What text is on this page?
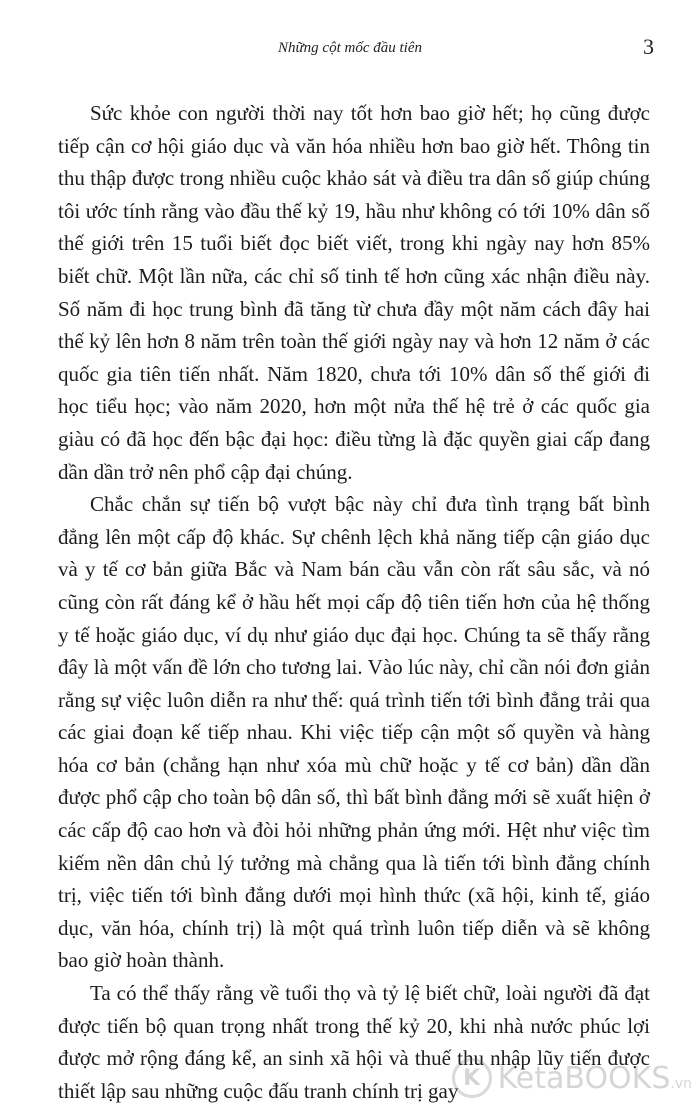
Những cột mốc đầu tiên	3

Sức khỏe con người thời nay tốt hơn bao giờ hết; họ cũng được tiếp cận cơ hội giáo dục và văn hóa nhiều hơn bao giờ hết. Thông tin thu thập được trong nhiều cuộc khảo sát và điều tra dân số giúp chúng tôi ước tính rằng vào đầu thế kỷ 19, hầu như không có tới 10% dân số thế giới trên 15 tuổi biết đọc biết viết, trong khi ngày nay hơn 85% biết chữ. Một lần nữa, các chỉ số tinh tế hơn cũng xác nhận điều này. Số năm đi học trung bình đã tăng từ chưa đầy một năm cách đây hai thế kỷ lên hơn 8 năm trên toàn thế giới ngày nay và hơn 12 năm ở các quốc gia tiên tiến nhất. Năm 1820, chưa tới 10% dân số thế giới đi học tiểu học; vào năm 2020, hơn một nửa thế hệ trẻ ở các quốc gia giàu có đã học đến bậc đại học: điều từng là đặc quyền giai cấp đang dần dần trở nên phổ cập đại chúng.

Chắc chắn sự tiến bộ vượt bậc này chỉ đưa tình trạng bất bình đẳng lên một cấp độ khác. Sự chênh lệch khả năng tiếp cận giáo dục và y tế cơ bản giữa Bắc và Nam bán cầu vẫn còn rất sâu sắc, và nó cũng còn rất đáng kể ở hầu hết mọi cấp độ tiên tiến hơn của hệ thống y tế hoặc giáo dục, ví dụ như giáo dục đại học. Chúng ta sẽ thấy rằng đây là một vấn đề lớn cho tương lai. Vào lúc này, chỉ cần nói đơn giản rằng sự việc luôn diễn ra như thế: quá trình tiến tới bình đẳng trải qua các giai đoạn kế tiếp nhau. Khi việc tiếp cận một số quyền và hàng hóa cơ bản (chẳng hạn như xóa mù chữ hoặc y tế cơ bản) dần dần được phổ cập cho toàn bộ dân số, thì bất bình đẳng mới sẽ xuất hiện ở các cấp độ cao hơn và đòi hỏi những phản ứng mới. Hệt như việc tìm kiếm nền dân chủ lý tưởng mà chẳng qua là tiến tới bình đẳng chính trị, việc tiến tới bình đẳng dưới mọi hình thức (xã hội, kinh tế, giáo dục, văn hóa, chính trị) là một quá trình luôn tiếp diễn và sẽ không bao giờ hoàn thành.

Ta có thể thấy rằng về tuổi thọ và tỷ lệ biết chữ, loài người đã đạt được tiến bộ quan trọng nhất trong thế kỷ 20, khi nhà nước phúc lợi được mở rộng đáng kể, an sinh xã hội và thuế thu nhập lũy tiến được thiết lập sau những cuộc đấu tranh chính trị gay

K KetaBOOKS.vn
